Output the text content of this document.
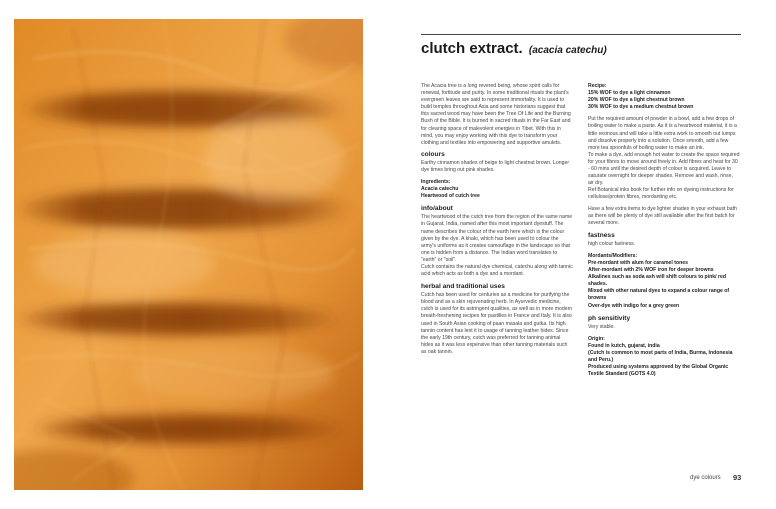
clutch extract. (acacia catechu)

The Acacia tree is a long revered being, whose spirit calls for renewal, fortitude and purity. In some traditional rituals the plant's evergreen leaves are said to represent immortality. It is used to build temples throughout Asia and some historians suggest that this sacred wood may have been the Tree Of Life and the Burning Bush of the Bible. It is burned in sacred rituals in the Far East and for clearing space of malevolent energies in Tibet. With this in mind, you may enjoy working with this dye to transform your clothing and textiles into empowering and supportive amulets.

colours

Earthy cinnamon shades of beige to light chestnut brown. Longer dye times bring out pink shades.

Ingredients:
Acacia catechu
Heartwood of cutch tree
info/about

The heartwood of the cutch tree from the region of the same name in Gujarat, India, named after this most important dyestuff. The name describes the colour of the earth here which is the colour given by the dye. A khaki, which has been used to colour the army's uniforms as it creates camouflage in the landscape so that one is hidden from a distance. The Indian word translates to "earth" or "soil".

Cutch contains the natural dye chemical, catechu along with tannic acid which acts as both a dye and a mordant.

herbal and traditional uses

Cutch has been used for centuries as a medicine for purifying the blood and as a skin rejuvenating herb. In Ayurvedic medicine, cutch is used for its astringent qualities, as well as in more modern breath-freshening recipes for pastilles in France and Italy. It is also used in South Asian cooking of paan masala and gutka. Its high tannin content has lent it to usage of tanning leather hides. Since the early 19th century, cutch was preferred for tanning animal hides as it was less expensive than other tanning materials such as oak tannin.

Recipe:
15% WOF to dye a light cinnamon
20% WOF to dye a light chestnut brown
30% WOF to dye a medium chestnut brown

Put the required amount of powder in a bowl, add a few drops of boiling water to make a paste. As it is a heartwood material, it is a little resinous and will take a little extra work to smooth out lumps and dissolve properly into a solution. Once smooth, add a few more tea spoonfuls of boiling water to make an ink.

To make a dye, add enough hot water to create the space required for your fibres to move around freely in. Add fibres and heat for 30 - 60 mins until the desired depth of colour is acquired. Leave to saturate overnight for deeper shades. Remove and wash, rinse, air dry.

Ref Botanical inks book for further info on dyeing instructions for cellulose/protein fibres, mordanting etc.

Have a few extra items to dye lighter shades in your exhaust bath as there will be plenty of dye still available after the first batch for several more.

fastness

high colour fastness.

Mordants/Modifiers:
Pre-mordant with alum for caramel tones
After-mordant with 2% WOF iron for deeper browns
Alkalines such as soda ash will shift colours to pink/ red shades.
Mixed with other natural dyes to expand a colour range of browns
Over-dye with indigo for a grey green
ph sensitivity

Very stable.

Origin:
Found in kutch, gujarat, india
(Cutch is common to most parts of India, Burma, Indonesia and Peru.)
Produced using systems approved by the Global Organic Textile Standard (GOTS 4.0)
dye colours 93
